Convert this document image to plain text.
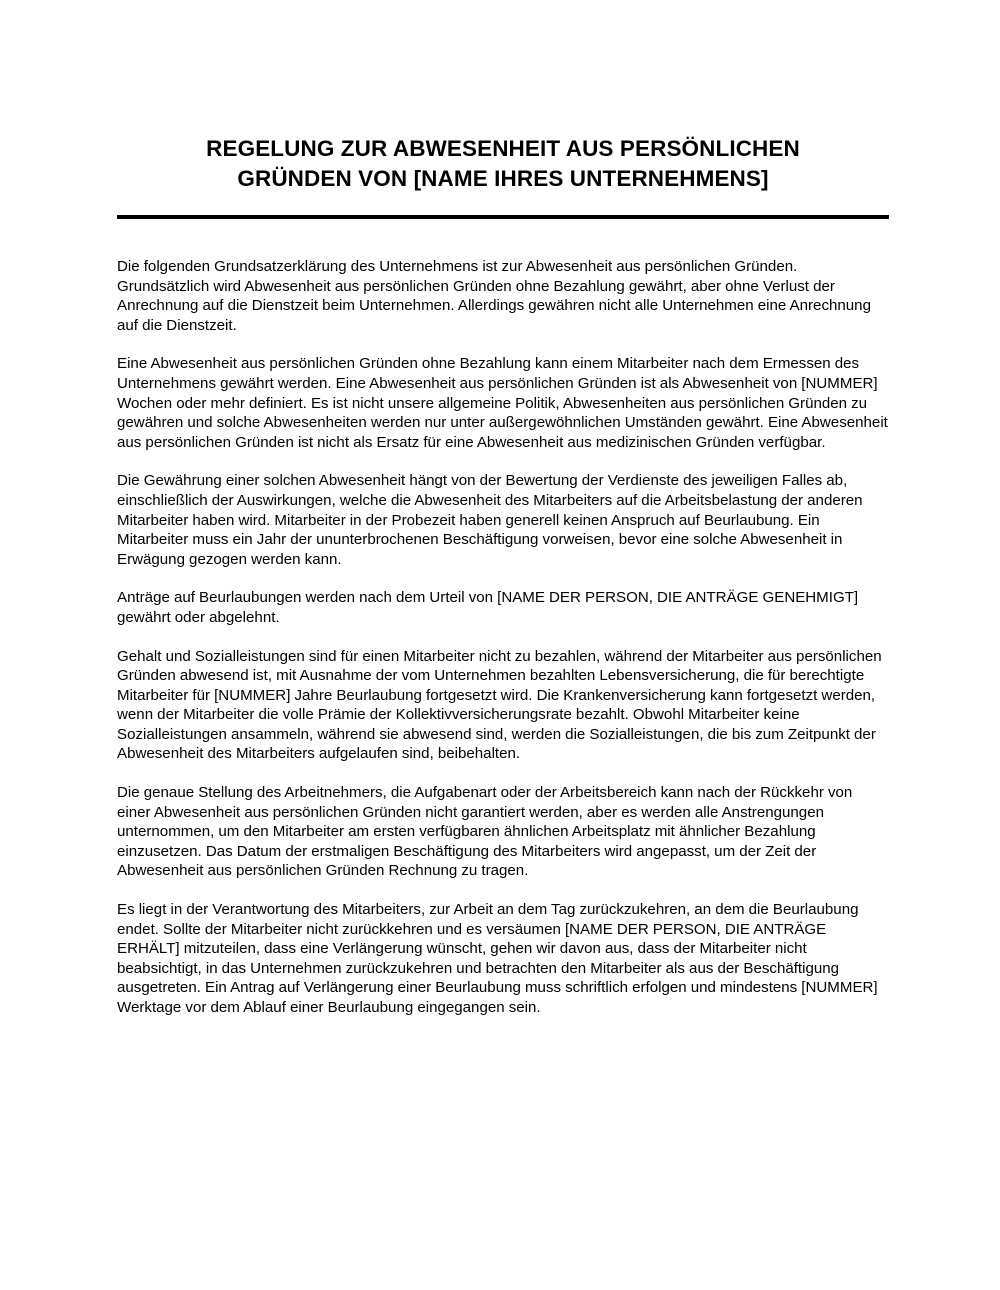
REGELUNG ZUR ABWESENHEIT AUS PERSÖNLICHEN
GRÜNDEN VON [NAME IHRES UNTERNEHMENS]

Die folgenden Grundsatzerklärung des Unternehmens ist zur Abwesenheit aus persönlichen Gründen. Grundsätzlich wird Abwesenheit aus persönlichen Gründen ohne Bezahlung gewährt, aber ohne Verlust der Anrechnung auf die Dienstzeit beim Unternehmen. Allerdings gewähren nicht alle Unternehmen eine Anrechnung auf die Dienstzeit.

Eine Abwesenheit aus persönlichen Gründen ohne Bezahlung kann einem Mitarbeiter nach dem Ermessen des Unternehmens gewährt werden. Eine Abwesenheit aus persönlichen Gründen ist als Abwesenheit von [NUMMER] Wochen oder mehr definiert. Es ist nicht unsere allgemeine Politik, Abwesenheiten aus persönlichen Gründen zu gewähren und solche Abwesenheiten werden nur unter außergewöhnlichen Umständen gewährt. Eine Abwesenheit aus persönlichen Gründen ist nicht als Ersatz für eine Abwesenheit aus medizinischen Gründen verfügbar.

Die Gewährung einer solchen Abwesenheit hängt von der Bewertung der Verdienste des jeweiligen Falles ab, einschließlich der Auswirkungen, welche die Abwesenheit des Mitarbeiters auf die Arbeitsbelastung der anderen Mitarbeiter haben wird. Mitarbeiter in der Probezeit haben generell keinen Anspruch auf Beurlaubung. Ein Mitarbeiter muss ein Jahr der ununterbrochenen Beschäftigung vorweisen, bevor eine solche Abwesenheit in Erwägung gezogen werden kann.

Anträge auf Beurlaubungen werden nach dem Urteil von [NAME DER PERSON, DIE ANTRÄGE GENEHMIGT] gewährt oder abgelehnt.

Gehalt und Sozialleistungen sind für einen Mitarbeiter nicht zu bezahlen, während der Mitarbeiter aus persönlichen Gründen abwesend ist, mit Ausnahme der vom Unternehmen bezahlten Lebensversicherung, die für berechtigte Mitarbeiter für [NUMMER] Jahre Beurlaubung fortgesetzt wird. Die Krankenversicherung kann fortgesetzt werden, wenn der Mitarbeiter die volle Prämie der Kollektivversicherungsrate bezahlt. Obwohl Mitarbeiter keine Sozialleistungen ansammeln, während sie abwesend sind, werden die Sozialleistungen, die bis zum Zeitpunkt der Abwesenheit des Mitarbeiters aufgelaufen sind, beibehalten.

Die genaue Stellung des Arbeitnehmers, die Aufgabenart oder der Arbeitsbereich kann nach der Rückkehr von einer Abwesenheit aus persönlichen Gründen nicht garantiert werden, aber es werden alle Anstrengungen unternommen, um den Mitarbeiter am ersten verfügbaren ähnlichen Arbeitsplatz mit ähnlicher Bezahlung einzusetzen. Das Datum der erstmaligen Beschäftigung des Mitarbeiters wird angepasst, um der Zeit der Abwesenheit aus persönlichen Gründen Rechnung zu tragen.

Es liegt in der Verantwortung des Mitarbeiters, zur Arbeit an dem Tag zurückzukehren, an dem die Beurlaubung endet. Sollte der Mitarbeiter nicht zurückkehren und es versäumen [NAME DER PERSON, DIE ANTRÄGE ERHÄLT] mitzuteilen, dass eine Verlängerung wünscht, gehen wir davon aus, dass der Mitarbeiter nicht beabsichtigt, in das Unternehmen zurückzukehren und betrachten den Mitarbeiter als aus der Beschäftigung ausgetreten. Ein Antrag auf Verlängerung einer Beurlaubung muss schriftlich erfolgen und mindestens [NUMMER] Werktage vor dem Ablauf einer Beurlaubung eingegangen sein.
